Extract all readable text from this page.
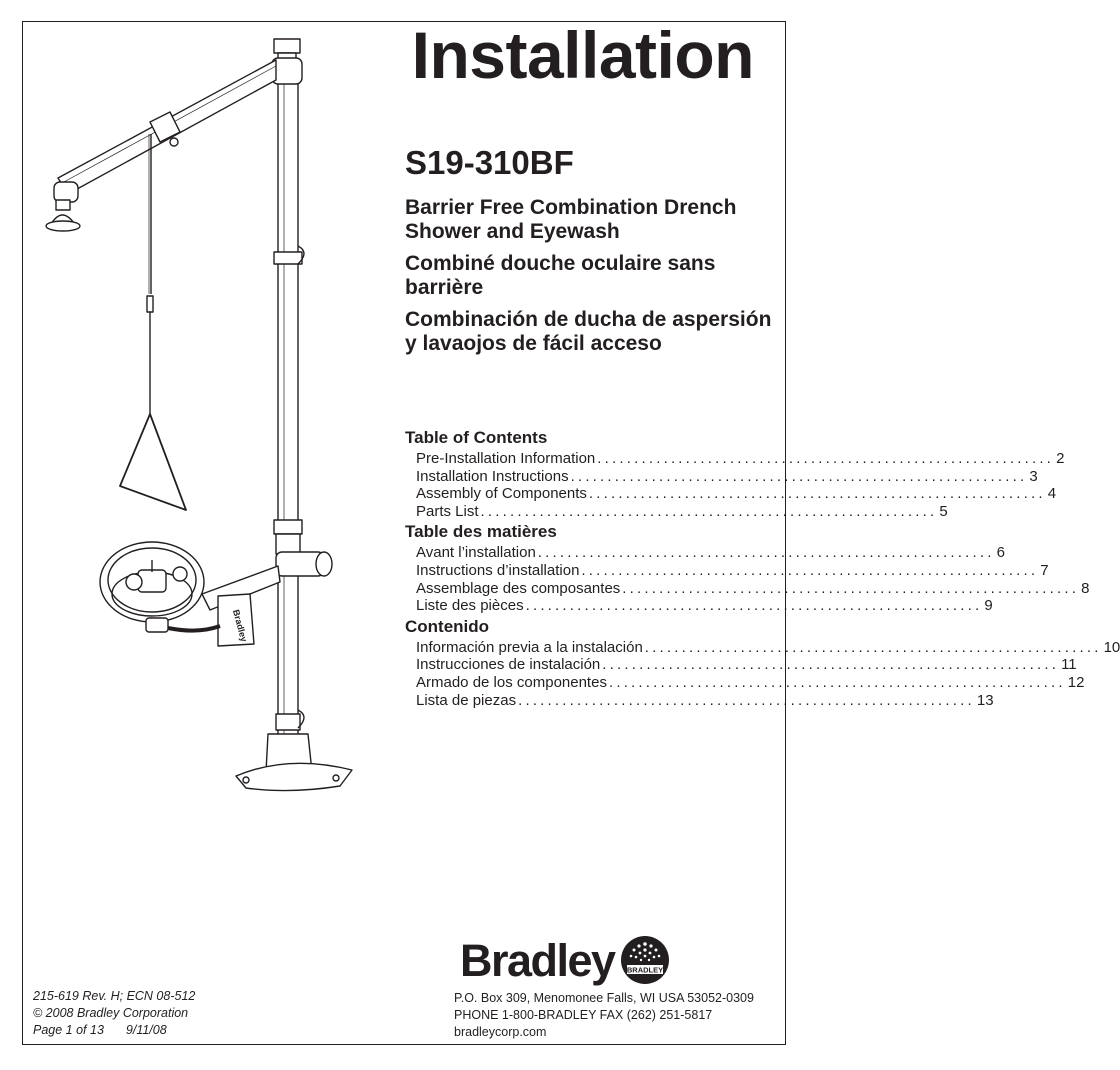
Bradley
Installation
S19-310BF
Barrier Free Combination Drench Shower and Eyewash
Combiné douche oculaire sans barrière
Combinación de ducha de aspersión y lavaojos de fácil acceso
Table of Contents
Pre-Installation Information .............................................................. 2
Installation Instructions .............................................................. 3
Assembly of Components .............................................................. 4
Parts List .............................................................. 5
Table des matières
Avant l’installation .............................................................. 6
Instructions d’installation .............................................................. 7
Assemblage des composantes .............................................................. 8
Liste des pièces .............................................................. 9
Contenido
Información previa a la instalación .............................................................. 10
Instrucciones de instalación .............................................................. 11
Armado de los componentes .............................................................. 12
Lista de piezas .............................................................. 13
Bradley BRADLEY
P.O. Box 309, Menomonee Falls, WI USA 53052-0309
PHONE 1-800-BRADLEY FAX (262) 251-5817
bradleycorp.com
215-619 Rev. H; ECN 08-512
© 2008 Bradley Corporation
Page 1 of 13 9/11/08
